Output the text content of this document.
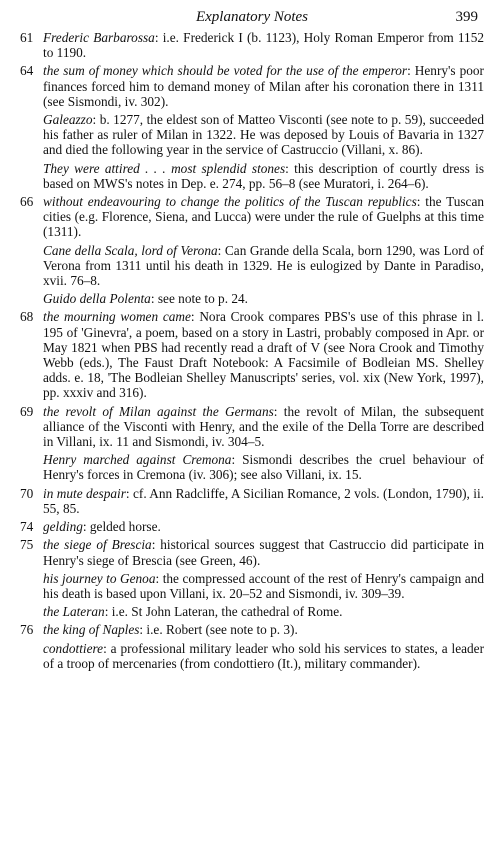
Explanatory Notes	399
61 Frederic Barbarossa: i.e. Frederick I (b. 1123), Holy Roman Emperor from 1152 to 1190.

64 the sum of money which should be voted for the use of the emperor: Henry's poor finances forced him to demand money of Milan after his coronation there in 1311 (see Sismondi, iv. 302).

Galeazzo: b. 1277, the eldest son of Matteo Visconti (see note to p. 59), succeeded his father as ruler of Milan in 1322. He was deposed by Louis of Bavaria in 1327 and died the following year in the service of Castruccio (Villani, x. 86).

They were attired . . . most splendid stones: this description of courtly dress is based on MWS's notes in Dep. e. 274, pp. 56–8 (see Muratori, i. 264–6).

66 without endeavouring to change the politics of the Tuscan republics: the Tuscan cities (e.g. Florence, Siena, and Lucca) were under the rule of Guelphs at this time (1311).

Cane della Scala, lord of Verona: Can Grande della Scala, born 1290, was Lord of Verona from 1311 until his death in 1329. He is eulogized by Dante in Paradiso, xvii. 76–8.

Guido della Polenta: see note to p. 24.

68 the mourning women came: Nora Crook compares PBS's use of this phrase in l. 195 of 'Ginevra', a poem, based on a story in Lastri, probably composed in Apr. or May 1821 when PBS had recently read a draft of V (see Nora Crook and Timothy Webb (eds.), The Faust Draft Notebook: A Facsimile of Bodleian MS. Shelley adds. e. 18, 'The Bodleian Shelley Manuscripts' series, vol. xix (New York, 1997), pp. xxxiv and 316).

69 the revolt of Milan against the Germans: the revolt of Milan, the subsequent alliance of the Visconti with Henry, and the exile of the Della Torre are described in Villani, ix. 11 and Sismondi, iv. 304–5.

Henry marched against Cremona: Sismondi describes the cruel behaviour of Henry's forces in Cremona (iv. 306); see also Villani, ix. 15.

70 in mute despair: cf. Ann Radcliffe, A Sicilian Romance, 2 vols. (London, 1790), ii. 55, 85.

74 gelding: gelded horse.

75 the siege of Brescia: historical sources suggest that Castruccio did participate in Henry's siege of Brescia (see Green, 46).

his journey to Genoa: the compressed account of the rest of Henry's campaign and his death is based upon Villani, ix. 20–52 and Sismondi, iv. 309–39.

the Lateran: i.e. St John Lateran, the cathedral of Rome.

76 the king of Naples: i.e. Robert (see note to p. 3).

condottiere: a professional military leader who sold his services to states, a leader of a troop of mercenaries (from condottiero (It.), military commander).
